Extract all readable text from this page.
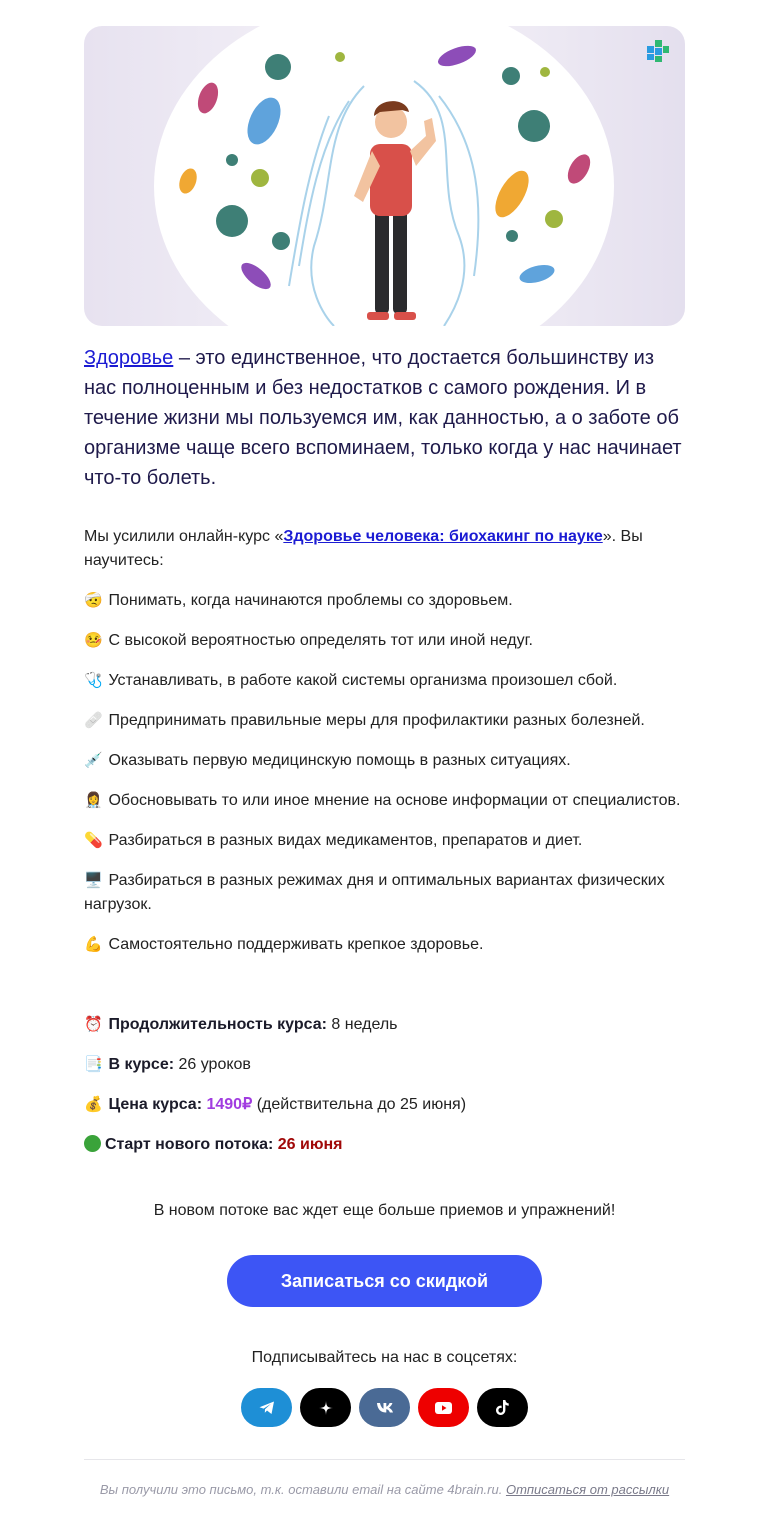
Здоровье – это единственное, что достается большинству из нас полноценным и без недостатков с самого рождения. И в течение жизни мы пользуемся им, как данностью, а о заботе об организме чаще всего вспоминаем, только когда у нас начинает что-то болеть.

Мы усилили онлайн-курс «Здоровье человека: биохакинг по науке». Вы научитесь:

🤕 Понимать, когда начинаются проблемы со здоровьем.
🤒 С высокой вероятностью определять тот или иной недуг.
🩺 Устанавливать, в работе какой системы организма произошел сбой.
🩹 Предпринимать правильные меры для профилактики разных болезней.
💉 Оказывать первую медицинскую помощь в разных ситуациях.
👩‍⚕️ Обосновывать то или иное мнение на основе информации от специалистов.
💊 Разбираться в разных видах медикаментов, препаратов и диет.
🖥️ Разбираться в разных режимах дня и оптимальных вариантах физических нагрузок.
💪 Самостоятельно поддерживать крепкое здоровье.
⏰ Продолжительность курса: 8 недель
📑 В курсе: 26 уроков
💰 Цена курса: 1490₽ (действительна до 25 июня)
Старт нового потока: 26 июня

В новом потоке вас ждет еще больше приемов и упражнений!

Записаться со скидкой

Подписывайтесь на нас в соцсетях:

Вы получили это письмо, т.к. оставили email на сайте 4brain.ru. Отписаться от рассылки
